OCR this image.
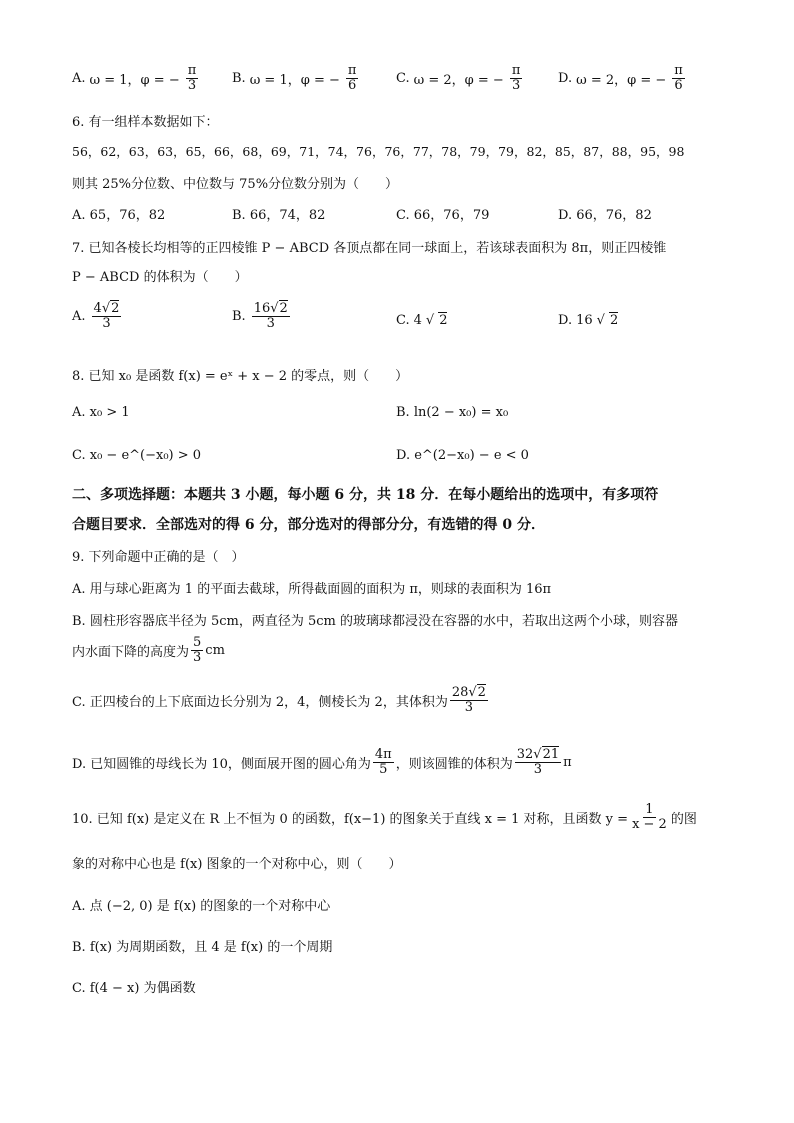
A. ω = 1，φ = − $\frac{\pi}{3}$	B. ω = 1，φ = − $\frac{\pi}{6}$	C. ω = 2，φ = − $\frac{\pi}{3}$	D. ω = 2，φ = − $\frac{\pi}{6}$
6. 有一组样本数据如下：
56，62，63，63，65，66，68，69，71，74，76，76，77，78，79，79，82，85，87，88，95，98
则其 25%分位数、中位数与 75%分位数分别为（　　）
A. 65，76，82	B. 66，74，82	C. 66，76，79	D. 66，76，82
7. 已知各棱长均相等的正四棱锥 P − ABCD 各顶点都在同一球面上，若该球表面积为 8π，则正四棱锥
P − ABCD 的体积为（　　）
A. $\frac{4√2}{3}$	B. $\frac{16√2}{3}$	C. 4 √ 2	D. 16 √ 2
8. 已知 x₀ 是函数 f(x) = eˣ + x − 2 的零点，则（　　）
A. x₀ > 1	B. ln(2 − x₀) = x₀
C. x₀ − e^(−x₀) > 0	D. e^(2−x₀) − e < 0
二、多项选择题：本题共 3 小题，每小题 6 分，共 18 分．在每小题给出的选项中，有多项符
合题目要求．全部选对的得 6 分，部分选对的得部分分，有选错的得 0 分．
9. 下列命题中正确的是（　）
A. 用与球心距离为 1 的平面去截球，所得截面圆的面积为 π，则球的表面积为 16π
B. 圆柱形容器底半径为 5cm，两直径为 5cm 的玻璃球都浸没在容器的水中，若取出这两个小球，则容器
内水面下降的高度为 $\frac{5}{3}$ cm
C. 正四棱台的上下底面边长分别为 2，4，侧棱长为 2，其体积为 $\frac{28√2}{3}$
D. 已知圆锥的母线长为 10，侧面展开图的圆心角为 $\frac{4\pi}{5}$ ，则该圆锥的体积为 $\frac{32√21}{3}$ π
10. 已知 f(x) 是定义在 R 上不恒为 0 的函数，f(x−1) 的图象关于直线 x = 1 对称，且函数 $y = \frac{1}{x - 2}$ 的图
象的对称中心也是 f(x) 图象的一个对称中心，则（　　）
A. 点 (−2, 0) 是 f(x) 的图象的一个对称中心
B. f(x) 为周期函数，且 4 是 f(x) 的一个周期
C. f(4 − x) 为偶函数
